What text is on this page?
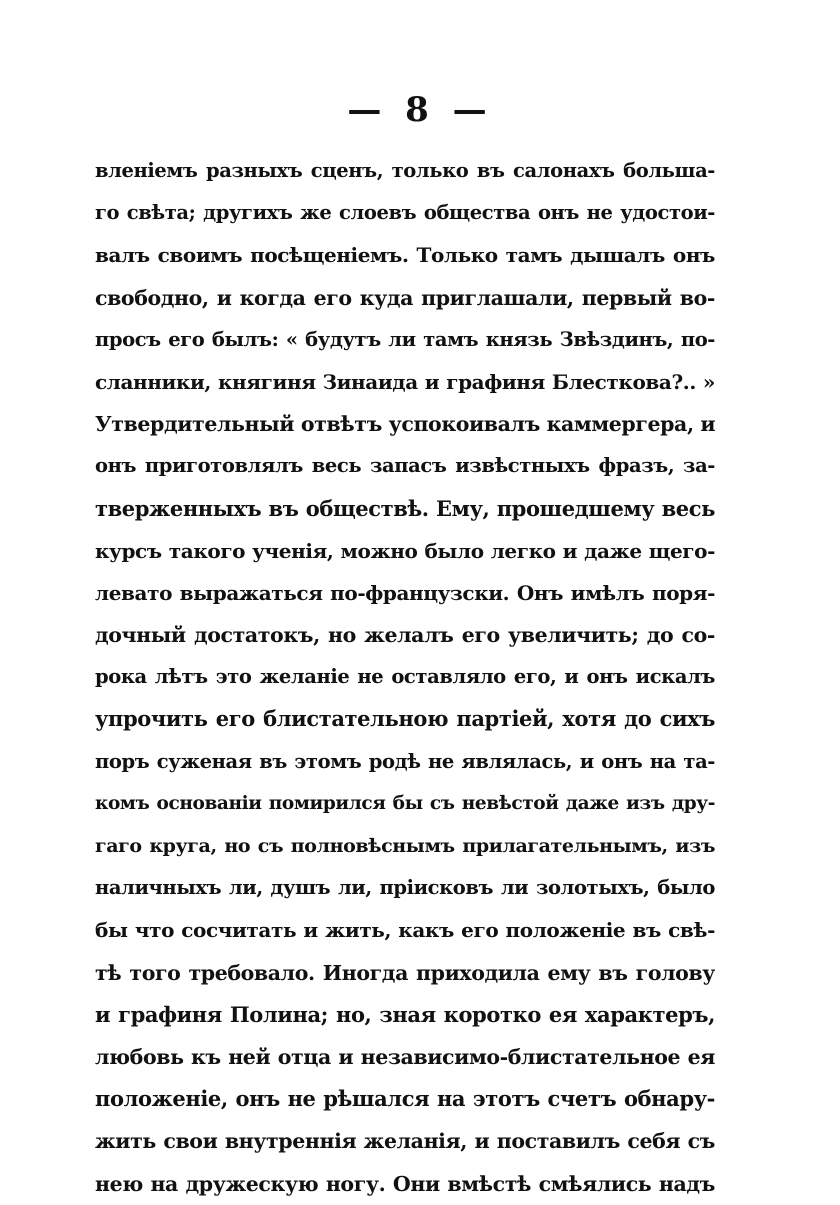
— 8 —
вленіемъ разныхъ сценъ, только въ салонахъ большa-
го свѣта; другихъ же слоевъ общества онъ не удостои-
валъ своимъ посѣщеніемъ. Только тамъ дышалъ онъ
свободно, и когда его куда приглашали, первый во-
просъ его былъ: « будутъ ли тамъ князь Звѣздинъ, по-
сланники, княгиня Зинаида и графиня Блесткова?.. »
Утвердительный отвѣтъ успокоивалъ каммергера, и
онъ приготовлялъ весь запасъ извѣстныхъ фразъ, за-
тверженныхъ въ обществѣ. Ему, прошедшему весь
курсъ такого ученія, можно было легко и даже щего-
левато выражаться по-французски. Онъ имѣлъ поря-
дочный достатокъ, но желалъ его увеличить; до со-
рока лѣтъ это желаніе не оставляло его, и онъ искалъ
упрочить его блистательною партіей, хотя до сихъ
поръ суженая въ этомъ родѣ не являлась, и онъ на та-
комъ основаніи помирился бы съ невѣстой даже изъ дру-
гаго круга, но съ полновѣснымъ прилагательнымъ, изъ
наличныхъ ли, душъ ли, пріисковъ ли золотыхъ, было
бы что сосчитать и жить, какъ его положеніе въ свѣ-
тѣ того требовало. Иногда приходила ему въ голову
и графиня Полина; но, зная коротко ея характеръ,
любовь къ ней отца и независимо-блистательное ея
положеніе, онъ не рѣшался на этотъ счетъ обнару-
жить свои внутреннія желанія, и поставилъ себя съ
нею на дружескую ногу. Они вмѣстѣ смѣялись надъ
